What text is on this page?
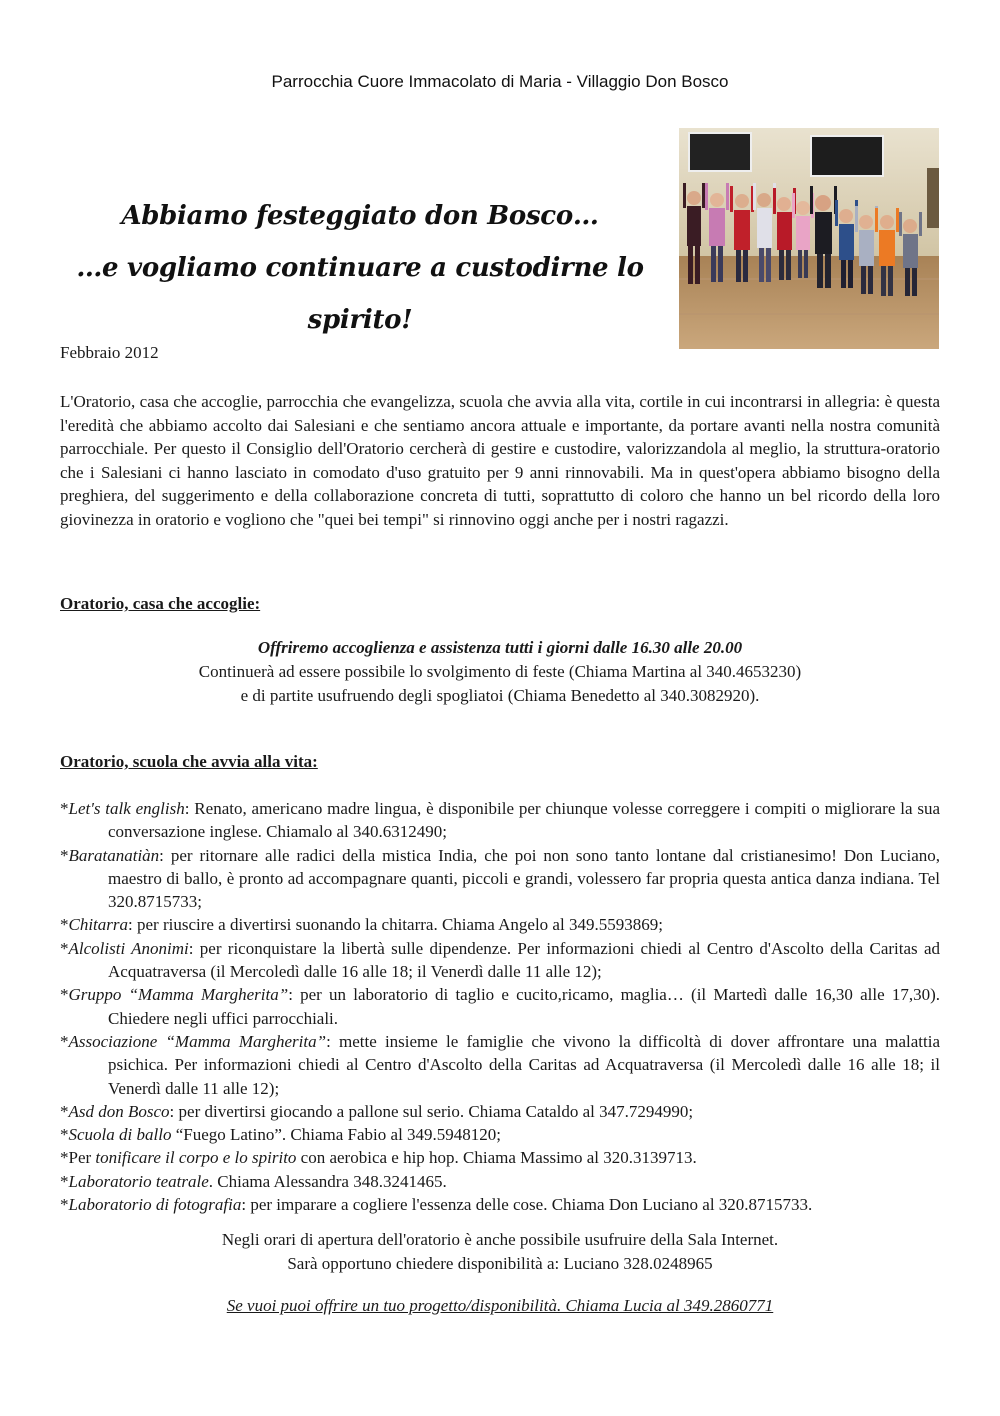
Parrocchia Cuore Immacolato di Maria - Villaggio Don Bosco
Abbiamo festeggiato don Bosco…

…e vogliamo continuare a custodirne lo spirito!
Febbraio 2012
L'Oratorio, casa che accoglie, parrocchia che evangelizza, scuola che avvia alla vita, cortile in cui incontrarsi in allegria: è questa l'eredità che abbiamo accolto dai Salesiani e che sentiamo ancora attuale e importante, da portare avanti nella nostra comunità parrocchiale. Per questo il Consiglio dell'Oratorio cercherà di gestire e custodire, valorizzandola al meglio, la struttura-oratorio che i Salesiani ci hanno lasciato in comodato d'uso gratuito per 9 anni rinnovabili. Ma in quest'opera abbiamo bisogno della preghiera, del suggerimento e della collaborazione concreta di tutti, soprattutto di coloro che hanno un bel ricordo della loro giovinezza in oratorio e vogliono che "quei bei tempi" si rinnovino oggi anche per i nostri ragazzi.
Oratorio, casa che accoglie:
Offriremo accoglienza e assistenza tutti i giorni dalle 16.30 alle 20.00
Continuerà ad essere possibile lo svolgimento di feste (Chiama Martina al 340.4653230)
e di partite usufruendo degli spogliatoi (Chiama Benedetto al 340.3082920).
Oratorio, scuola che avvia alla vita:
*Let's talk english: Renato, americano madre lingua, è disponibile per chiunque volesse correggere i compiti o migliorare la sua conversazione inglese. Chiamalo al 340.6312490;
*Baratanatiàn: per ritornare alle radici della mistica India, che poi non sono tanto lontane dal cristianesimo! Don Luciano, maestro di ballo, è pronto ad accompagnare quanti, piccoli e grandi, volessero far propria questa antica danza indiana. Tel 320.8715733;
*Chitarra: per riuscire a divertirsi suonando la chitarra. Chiama Angelo al 349.5593869;
*Alcolisti Anonimi: per riconquistare la libertà sulle dipendenze. Per informazioni chiedi al Centro d'Ascolto della Caritas ad Acquatraversa (il Mercoledì dalle 16 alle 18; il Venerdì dalle 11 alle 12);
*Gruppo “Mamma Margherita”: per un laboratorio di taglio e cucito,ricamo, maglia… (il Martedì dalle 16,30 alle 17,30). Chiedere negli uffici parrocchiali.
*Associazione “Mamma Margherita”: mette insieme le famiglie che vivono la difficoltà di dover affrontare una malattia psichica. Per informazioni chiedi al Centro d'Ascolto della Caritas ad Acquatraversa (il Mercoledì dalle 16 alle 18; il Venerdì dalle 11 alle 12);
*Asd don Bosco: per divertirsi giocando a pallone sul serio. Chiama Cataldo al 347.7294990;
*Scuola di ballo “Fuego Latino”. Chiama Fabio al 349.5948120;
*Per tonificare il corpo e lo spirito con aerobica e hip hop. Chiama Massimo al 320.3139713.
*Laboratorio teatrale. Chiama Alessandra 348.3241465.
*Laboratorio di fotografia: per imparare a cogliere l'essenza delle cose. Chiama Don Luciano al 320.8715733.
Negli orari di apertura dell'oratorio è anche possibile usufruire della Sala Internet.
Sarà opportuno chiedere disponibilità a: Luciano 328.0248965
Se vuoi puoi offrire un tuo progetto/disponibilità. Chiama Lucia al 349.2860771
